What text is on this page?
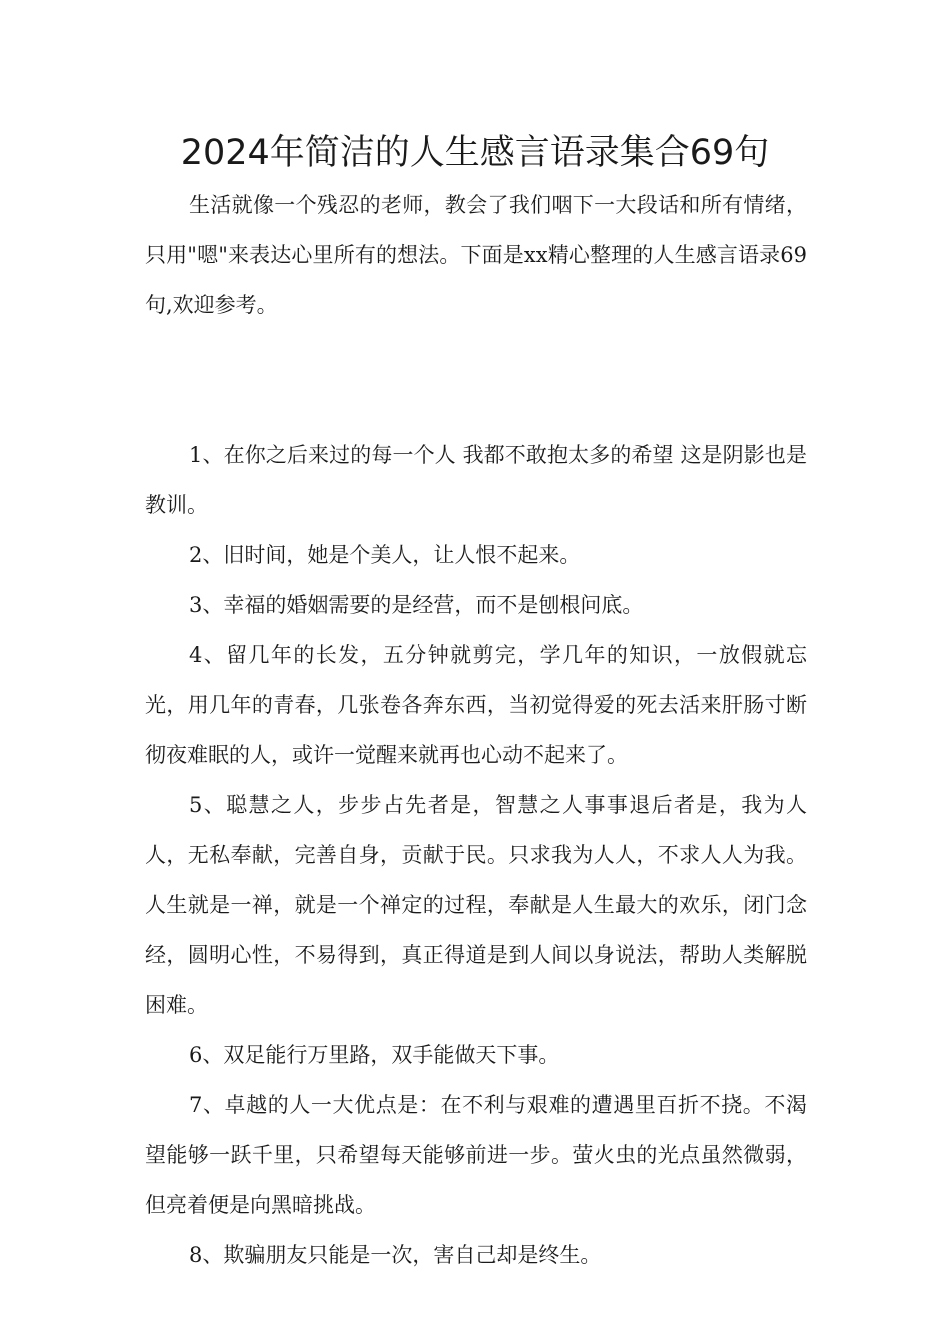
2024年简洁的人生感言语录集合69句

生活就像一个残忍的老师，教会了我们咽下一大段话和所有情绪，只用"嗯"来表达心里所有的想法。下面是xx精心整理的人生感言语录69句,欢迎参考。

1、在你之后来过的每一个人 我都不敢抱太多的希望 这是阴影也是教训。

2、旧时间，她是个美人，让人恨不起来。

3、幸福的婚姻需要的是经营，而不是刨根问底。

4、留几年的长发，五分钟就剪完，学几年的知识，一放假就忘光，用几年的青春，几张卷各奔东西，当初觉得爱的死去活来肝肠寸断彻夜难眠的人，或许一觉醒来就再也心动不起来了。

5、聪慧之人，步步占先者是，智慧之人事事退后者是，我为人人，无私奉献，完善自身，贡献于民。只求我为人人，不求人人为我。人生就是一禅，就是一个禅定的过程，奉献是人生最大的欢乐，闭门念经，圆明心性，不易得到，真正得道是到人间以身说法，帮助人类解脱困难。

6、双足能行万里路，双手能做天下事。

7、卓越的人一大优点是：在不利与艰难的遭遇里百折不挠。不渴望能够一跃千里，只希望每天能够前进一步。萤火虫的光点虽然微弱，但亮着便是向黑暗挑战。

8、欺骗朋友只能是一次，害自己却是终生。
